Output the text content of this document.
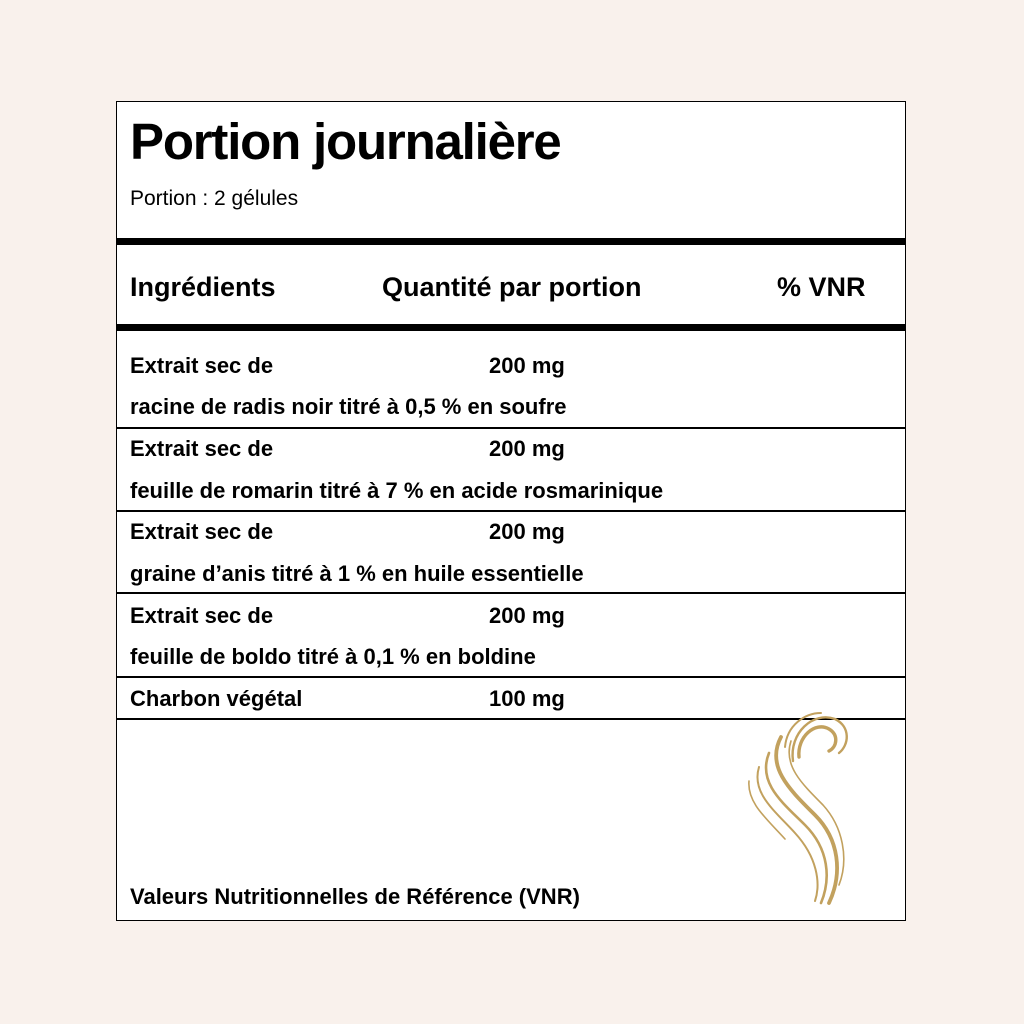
Portion journalière

Portion : 2 gélules

Ingrédients	Quantité par portion	% VNR
Extrait sec de	200 mg
racine de radis noir titré à 0,5 % en soufre
Extrait sec de	200 mg
feuille de romarin titré à 7 % en acide rosmarinique
Extrait sec de	200 mg
graine d’anis titré à 1 % en huile essentielle
Extrait sec de	200 mg
feuille de boldo titré à 0,1 % en boldine
Charbon végétal	100 mg

Valeurs Nutritionnelles de Référence (VNR)
